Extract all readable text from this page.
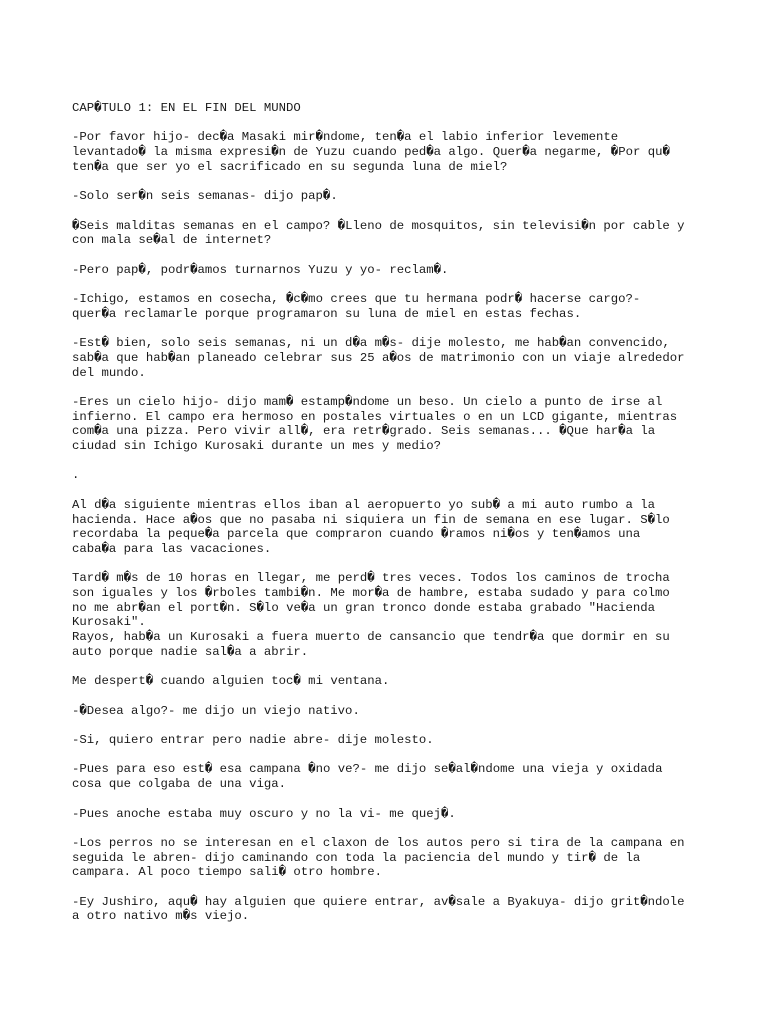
CAP�TULO 1: EN EL FIN DEL MUNDO

-Por favor hijo- dec�a Masaki mir�ndome, ten�a el labio inferior levemente
levantado� la misma expresi�n de Yuzu cuando ped�a algo. Quer�a negarme, �Por qu�
ten�a que ser yo el sacrificado en su segunda luna de miel?

-Solo ser�n seis semanas- dijo pap�.

�Seis malditas semanas en el campo? �Lleno de mosquitos, sin televisi�n por cable y
con mala se�al de internet?

-Pero pap�, podr�amos turnarnos Yuzu y yo- reclam�.

-Ichigo, estamos en cosecha, �c�mo crees que tu hermana podr� hacerse cargo?-
quer�a reclamarle porque programaron su luna de miel en estas fechas.

-Est� bien, solo seis semanas, ni un d�a m�s- dije molesto, me hab�an convencido,
sab�a que hab�an planeado celebrar sus 25 a�os de matrimonio con un viaje alrededor
del mundo.

-Eres un cielo hijo- dijo mam� estamp�ndome un beso. Un cielo a punto de irse al
infierno. El campo era hermoso en postales virtuales o en un LCD gigante, mientras
com�a una pizza. Pero vivir all�, era retr�grado. Seis semanas... �Que har�a la
ciudad sin Ichigo Kurosaki durante un mes y medio?

.

Al d�a siguiente mientras ellos iban al aeropuerto yo sub� a mi auto rumbo a la
hacienda. Hace a�os que no pasaba ni siquiera un fin de semana en ese lugar. S�lo
recordaba la peque�a parcela que compraron cuando �ramos ni�os y ten�amos una
caba�a para las vacaciones.

Tard� m�s de 10 horas en llegar, me perd� tres veces. Todos los caminos de trocha
son iguales y los �rboles tambi�n. Me mor�a de hambre, estaba sudado y para colmo
no me abr�an el port�n. S�lo ve�a un gran tronco donde estaba grabado "Hacienda
Kurosaki".
Rayos, hab�a un Kurosaki a fuera muerto de cansancio que tendr�a que dormir en su
auto porque nadie sal�a a abrir.

Me despert� cuando alguien toc� mi ventana.

-�Desea algo?- me dijo un viejo nativo.

-Si, quiero entrar pero nadie abre- dije molesto.

-Pues para eso est� esa campana �no ve?- me dijo se�al�ndome una vieja y oxidada
cosa que colgaba de una viga.

-Pues anoche estaba muy oscuro y no la vi- me quej�.

-Los perros no se interesan en el claxon de los autos pero si tira de la campana en
seguida le abren- dijo caminando con toda la paciencia del mundo y tir� de la
campara. Al poco tiempo sali� otro hombre.

-Ey Jushiro, aqu� hay alguien que quiere entrar, av�sale a Byakuya- dijo grit�ndole
a otro nativo m�s viejo.
